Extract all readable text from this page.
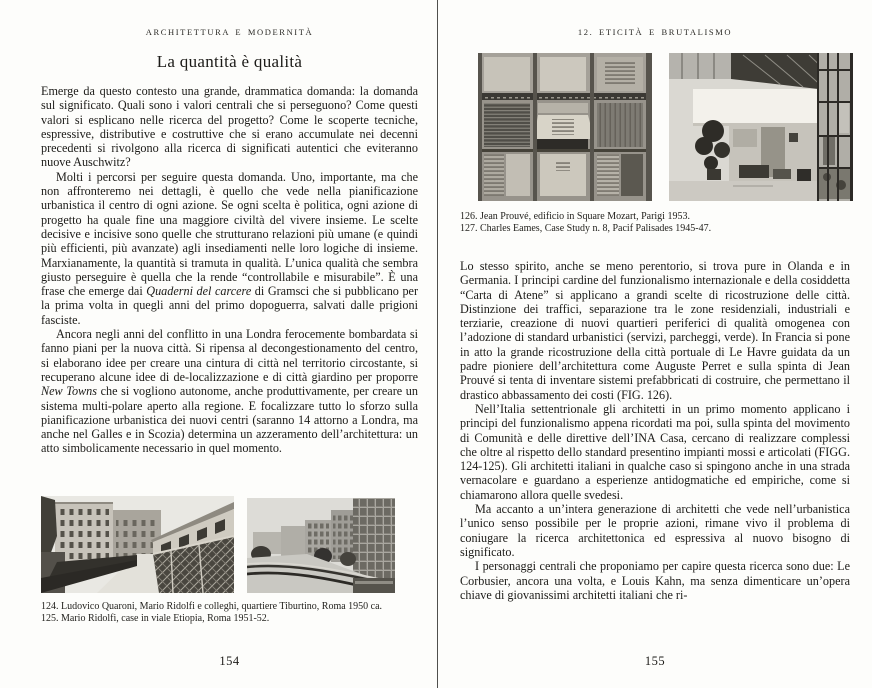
ARCHITETTURA E MODERNITÀ
La quantità è qualità

Emerge da questo contesto una grande, drammatica domanda: la domanda sul significato. Quali sono i valori centrali che si perseguono? Come questi valori si esplicano nelle ricerca del progetto? Come le scoperte tecniche, espressive, distributive e costruttive che si erano accumulate nei decenni precedenti si rivolgono alla ricerca di significati autentici che eviteranno nuove Auschwitz?

Molti i percorsi per seguire questa domanda. Uno, importante, ma che non affronteremo nei dettagli, è quello che vede nella pianificazione urbanistica il centro di ogni azione. Se ogni scelta è politica, ogni azione di progetto ha quale fine una maggiore civiltà del vivere insieme. Le scelte decisive e incisive sono quelle che strutturano relazioni più umane (e quindi più efficienti, più avanzate) agli insediamenti nelle loro logiche di insieme. Marxianamente, la quantità si tramuta in qualità. L’unica qualità che sembra giusto perseguire è quella che la rende “controllabile e misurabile”. È una frase che emerge dai Quaderni del carcere di Gramsci che si pubblicano per la prima volta in quegli anni del primo dopoguerra, salvati dalle prigioni fasciste.

Ancora negli anni del conflitto in una Londra ferocemente bombardata si fanno piani per la nuova città. Si ripensa al decongestionamento del centro, si elaborano idee per creare una cintura di città nel territorio circostante, si recuperano alcune idee di de-localizzazione e di città giardino per proporre New Towns che si vogliono autonome, anche produttivamente, per creare un sistema multi-polare aperto alla regione. E focalizzare tutto lo sforzo sulla pianificazione urbanistica dei nuovi centri (saranno 14 attorno a Londra, ma anche nel Galles e in Scozia) determina un azzeramento dell’architettura: un atto simbolicamente necessario in quel momento.

124. Ludovico Quaroni, Mario Ridolfi e colleghi, quartiere Tiburtino, Roma 1950 ca.
125. Mario Ridolfi, case in viale Etiopia, Roma 1951-52.
154
12. ETICITÀ E BRUTALISMO
126. Jean Prouvé, edificio in Square Mozart, Parigi 1953.
127. Charles Eames, Case Study n. 8, Pacif Palisades 1945-47.

Lo stesso spirito, anche se meno perentorio, si trova pure in Olanda e in Germania. I principi cardine del funzionalismo internazionale e della cosiddetta “Carta di Atene” si applicano a grandi scelte di ricostruzione delle città. Distinzione dei traffici, separazione tra le zone residenziali, industriali e terziarie, creazione di nuovi quartieri periferici di qualità omogenea con l’adozione di standard urbanistici (servizi, parcheggi, verde). In Francia si pone in atto la grande ricostruzione della città portuale di Le Havre guidata da un padre pioniere dell’architettura come Auguste Perret e sulla spinta di Jean Prouvé si tenta di inventare sistemi prefabbricati di costruire, che permettano il drastico abbassamento dei costi (FIG. 126).

Nell’Italia settentrionale gli architetti in un primo momento applicano i principi del funzionalismo appena ricordati ma poi, sulla spinta del movimento di Comunità e delle direttive dell’INA Casa, cercano di realizzare complessi che oltre al rispetto dello standard presentino impianti mossi e articolati (FIGG. 124-125). Gli architetti italiani in qualche caso si spingono anche in una strada vernacolare e guardano a esperienze antidogmatiche ed empiriche, come si chiamarono allora quelle svedesi.

Ma accanto a un’intera generazione di architetti che vede nell’urbanistica l’unico senso possibile per le proprie azioni, rimane vivo il problema di coniugare la ricerca architettonica ed espressiva al nuovo bisogno di significato.

I personaggi centrali che proponiamo per capire questa ricerca sono due: Le Corbusier, ancora una volta, e Louis Kahn, ma senza dimenticare un’opera chiave di giovanissimi architetti italiani che ri-

155
